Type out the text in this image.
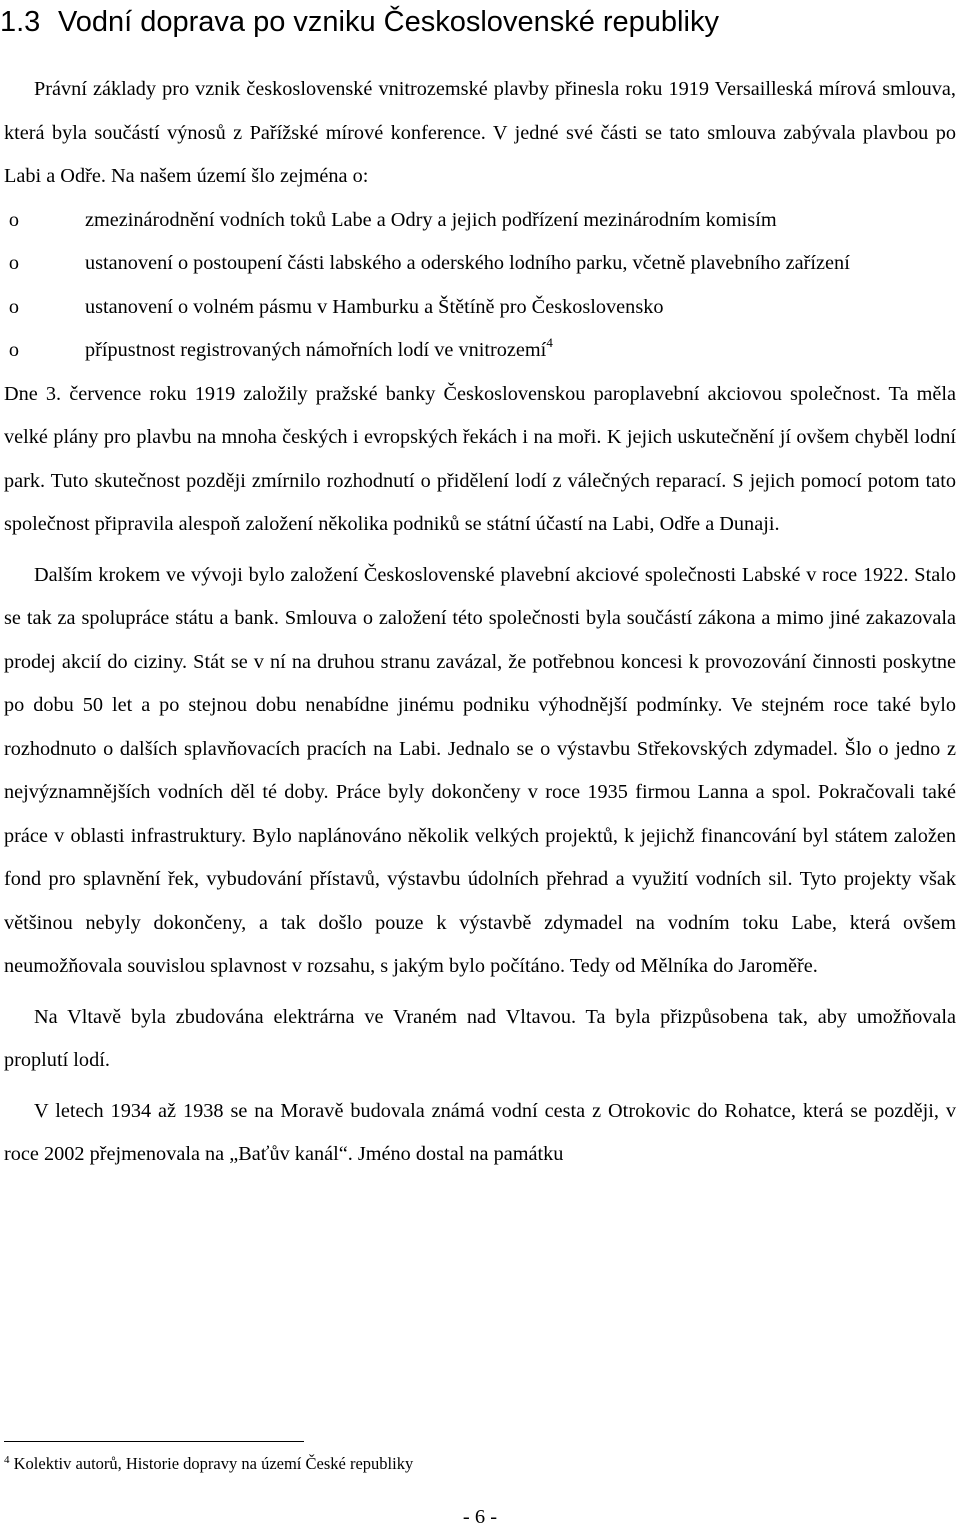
1.3 Vodní doprava po vzniku Československé republiky

Právní základy pro vznik československé vnitrozemské plavby přinesla roku 1919 Versailleská mírová smlouva, která byla součástí výnosů z Pařížské mírové konference. V jedné své části se tato smlouva zabývala plavbou po Labi a Odře. Na našem území šlo zejména o:

o	zmezinárodnění vodních toků Labe a Odry a jejich podřízení mezinárodním komisím
o	ustanovení o postoupení části labského a oderského lodního parku, včetně plavebního zařízení
o	ustanovení o volném pásmu v Hamburku a Štětíně pro Československo
o	přípustnost registrovaných námořních lodí ve vnitrozemí$^4$

Dne 3. července roku 1919 založily pražské banky Československou paroplavební akciovou společnost. Ta měla velké plány pro plavbu na mnoha českých i evropských řekách i na moři. K jejich uskutečnění jí ovšem chyběl lodní park. Tuto skutečnost později zmírnilo rozhodnutí o přidělení lodí z válečných reparací. S jejich pomocí potom tato společnost připravila alespoň založení několika podniků se státní účastí na Labi, Odře a Dunaji.

Dalším krokem ve vývoji bylo založení Československé plavební akciové společnosti Labské v roce 1922. Stalo se tak za spolupráce státu a bank. Smlouva o založení této společnosti byla součástí zákona a mimo jiné zakazovala prodej akcií do ciziny. Stát se v ní na druhou stranu zavázal, že potřebnou koncesi k provozování činnosti poskytne po dobu 50 let a po stejnou dobu nenabídne jinému podniku výhodnější podmínky. Ve stejném roce také bylo rozhodnuto o dalších splavňovacích pracích na Labi. Jednalo se o výstavbu Střekovských zdymadel. Šlo o jedno z nejvýznamnějších vodních děl té doby. Práce byly dokončeny v roce 1935 firmou Lanna a spol. Pokračovali také práce v oblasti infrastruktury. Bylo naplánováno několik velkých projektů, k jejichž financování byl státem založen fond pro splavnění řek, vybudování přístavů, výstavbu údolních přehrad a využití vodních sil. Tyto projekty však většinou nebyly dokončeny, a tak došlo pouze k výstavbě zdymadel na vodním toku Labe, která ovšem neumožňovala souvislou splavnost v rozsahu, s jakým bylo počítáno. Tedy od Mělníka do Jaroměře.

Na Vltavě byla zbudována elektrárna ve Vraném nad Vltavou. Ta byla přizpůsobena tak, aby umožňovala proplutí lodí.

V letech 1934 až 1938 se na Moravě budovala známá vodní cesta z Otrokovic do Rohatce, která se později, v roce 2002 přejmenovala na „Baťův kanál“. Jméno dostal na památku

$^4$ Kolektiv autorů, Historie dopravy na území České republiky
- 6 -
